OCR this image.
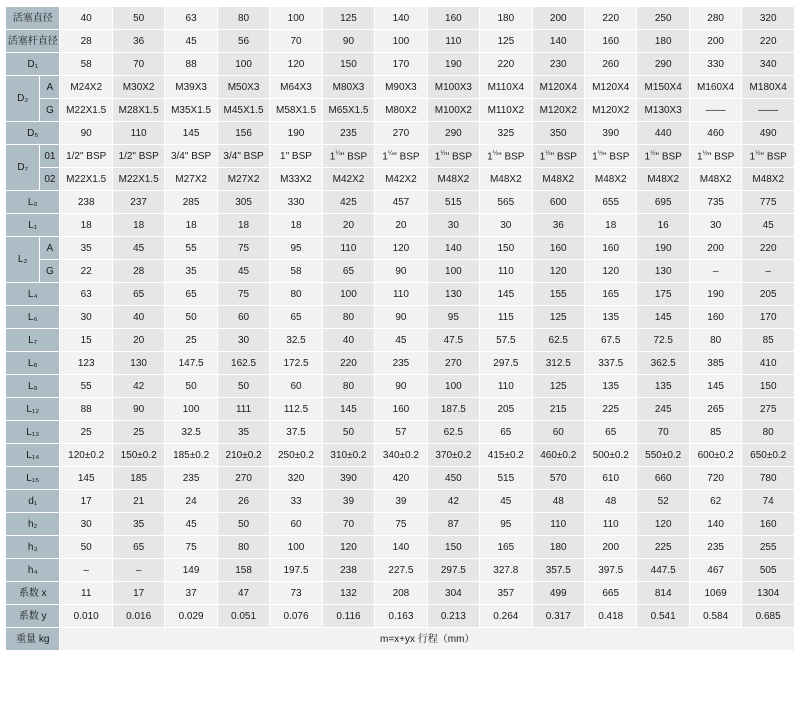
活塞直径		40	50	63	80	100	125	140	160	180	200	220	250	280	320
活塞杆直径		28	36	45	56	70	90	100	110	125	140	160	180	200	220
D₁		58	70	88	100	120	150	170	190	220	230	260	290	330	340
D₂	A	M24X2	M30X2	M39X3	M50X3	M64X3	M80X3	M90X3	M100X3	M110X4	M120X4	M120X4	M150X4	M160X4	M180X4
	G	M22X1.5	M28X1.5	M35X1.5	M45X1.5	M58X1.5	M65X1.5	M80X2	M100X2	M110X2	M120X2	M120X2	M130X3	——	——
D₅		90	110	145	156	190	235	270	290	325	350	390	440	460	490
D₇	01	1/2" BSP	1/2" BSP	3/4" BSP	3/4" BSP	1" BSP	$1^{\frac{1}{4}}$" BSP	$1^{\frac{1}{4}}$" BSP	$1^{\frac{1}{2}}$" BSP	$1^{\frac{1}{2}}$" BSP	$1^{\frac{1}{2}}$" BSP	$1^{\frac{1}{2}}$" BSP	$1^{\frac{1}{2}}$" BSP	$1^{\frac{1}{2}}$" BSP	$1^{\frac{1}{2}}$" BSP
	02	M22X1.5	M22X1.5	M27X2	M27X2	M33X2	M42X2	M42X2	M48X2	M48X2	M48X2	M48X2	M48X2	M48X2	M48X2
L₀		238	237	285	305	330	425	457	515	565	600	655	695	735	775
L₁		18	18	18	18	18	20	20	30	30	36	18	16	30	45
L₂	A	35	45	55	75	95	110	120	140	150	160	160	190	200	220
	G	22	28	35	45	58	65	90	100	110	120	120	130	–	–
L₄		63	65	65	75	80	100	110	130	145	155	165	175	190	205
L₆		30	40	50	60	65	80	90	95	115	125	135	145	160	170
L₇		15	20	25	30	32.5	40	45	47.5	57.5	62.5	67.5	72.5	80	85
L₈		123	130	147.5	162.5	172.5	220	235	270	297.5	312.5	337.5	362.5	385	410
L₉		55	42	50	50	60	80	90	100	110	125	135	135	145	150
L₁₂		88	90	100	111	112.5	145	160	187.5	205	215	225	245	265	275
L₁₃		25	25	32.5	35	37.5	50	57	62.5	65	60	65	70	85	80
L₁₄		120±0.2	150±0.2	185±0.2	210±0.2	250±0.2	310±0.2	340±0.2	370±0.2	415±0.2	460±0.2	500±0.2	550±0.2	600±0.2	650±0.2
L₁₅		145	185	235	270	320	390	420	450	515	570	610	660	720	780
d₁		17	21	24	26	33	39	39	42	45	48	48	52	62	74
h₂		30	35	45	50	60	70	75	87	95	110	110	120	140	160
h₃		50	65	75	80	100	120	140	150	165	180	200	225	235	255
h₄		–	–	149	158	197.5	238	227.5	297.5	327.8	357.5	397.5	447.5	467	505
系数 x		11	17	37	47	73	132	208	304	357	499	665	814	1069	1304
系数 y		0.010	0.016	0.029	0.051	0.076	0.116	0.163	0.213	0.264	0.317	0.418	0.541	0.584	0.685
重量 kg		m=x+yx 行程（mm）													
